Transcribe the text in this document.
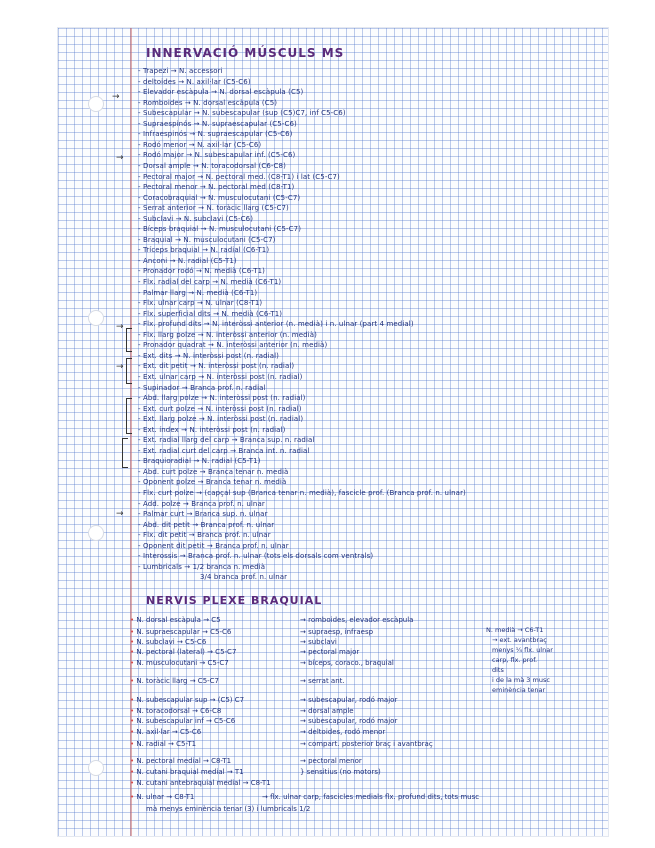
INNERVACIÓ MÚSCULS MS
- Trapezi → N. accessori
- deltoides → N. axil·lar (C5-C6)
- Elevador escàpula → N. dorsal escàpula (C5)
- Romboides → N. dorsal escàpula (C5)
- Subescapular → N. subescapular (sup (C5)C7, inf C5-C6)
- Supraespinós → N. supraescapular (C5-C6)
- Infraespinós → N. supraescapular (C5-C6)
- Rodó menor → N. axil·lar (C5-C6)
- Rodó major → N. subescapular inf. (C5-C6)
- Dorsal ample → N. toracodorsal (C6-C8)
- Pectoral major → N. pectoral med. (C8-T1) i lat (C5-C7)
- Pectoral menor → N. pectoral med (C8-T1)
- Coracobraquial → N. musculocutani (C5-C7)
- Serrat anterior → N. toràcic llarg (C5-C7)
- Subclavi → N. subclavi (C5-C6)
- Bíceps braquial → N. musculocutani (C5-C7)
- Braquial → N. musculocutani (C5-C7)
- Tríceps braquial → N. radial (C6-T1)
- Anconi → N. radial (C5-T1)
- Pronador rodó → N. medià (C6-T1)
- Flx. radial del carp → N. medià (C6-T1)
- Palmar llarg → N. medià (C6-T1)
- Flx. ulnar carp → N. ulnar (C8-T1)
- Flx. superficial dits → N. medià (C6-T1)
- Flx. profund dits → N. interòssi anterior (n. medià) i n. ulnar (part 4 medial)
- Flx. llarg polze → N. interòssi anterior (n. medià)
- Pronador quadrat → N. interòssi anterior (n. medià)
- Ext. dits → N. interòssi post (n. radial)
- Ext. dit petit → N. interòssi post (n. radial)
- Ext. ulnar carp → N. interòssi post (n. radial)
- Supinador → Branca prof. n. radial
- Abd. llarg polze → N. interòssi post (n. radial)
- Ext. curt polze → N. interòssi post (n. radial)
- Ext. llarg polze → N. interòssi post (n. radial)
- Ext. índex → N. interòssi post (n. radial)
- Ext. radial llarg del carp → Branca sup. n. radial
- Ext. radial curt del carp → Branca int. n. radial
- Braquioradial → N. radial (C5-T1)
- Abd. curt polze → Branca tenar n. medià
- Oponent polze → Branca tenar n. medià
- Flx. curt polze → (capçal sup (Branca tenar n. medià), fascicle prof. (Branca prof. n. ulnar)
- Add. polze → Branca prof. n. ulnar
- Palmar curt → Branca sup. n. ulnar
- Abd. dit petit → Branca prof. n. ulnar
- Flx. dit petit → Branca prof. n. ulnar
- Oponent dit petit → Branca prof. n. ulnar
- Interossis → Branca prof. n. ulnar (tots els dorsals com ventrals)
- Lumbricals → 1/2 branca n. medià
3/4 branca prof. n. ulnar
NERVIS PLEXE BRAQUIAL
• N. dorsal escàpula → C5	→ romboides, elevador escàpula
• N. supraescapular → C5-C6	→ supraesp, infraesp
• N. subclavi → C5-C6	→ subclavi
• N. pectoral (lateral) → C5-C7	→ pectoral major
• N. musculocutani → C5-C7	→ bíceps, coraco., braquial
• N. toràcic llarg → C5-C7	→ serrat ant.
• N. subescapular sup → (C5) C7	→ subescapular, rodó major
• N. toracodorsal → C6-C8	→ dorsal ample
• N. subescapular inf → C5-C6	→ subescapular, rodó major
• N. axil·lar → C5-C6	→ deltoides, rodó menor
• N. radial → C5-T1	→ compart. posterior braç i avantbraç
• N. pectoral medial → C8-T1	→ pectoral menor
• N. cutani braquial medial → T1	} sensitius (no motors)
• N. cutani antebraquial medial → C8-T1
• N. ulnar → C8-T1	→ flx. ulnar carp, fascicles medials flx. profund dits, tots musc
mà menys eminència tenar (3) i lumbricals 1/2
N. medià → C6-T1
→ ext. avantbraç
menys ¼ flx. ulnar
carp, flx. prof.
dits
i de la mà 3 musc
eminència tenar
→
→
→
→
→
